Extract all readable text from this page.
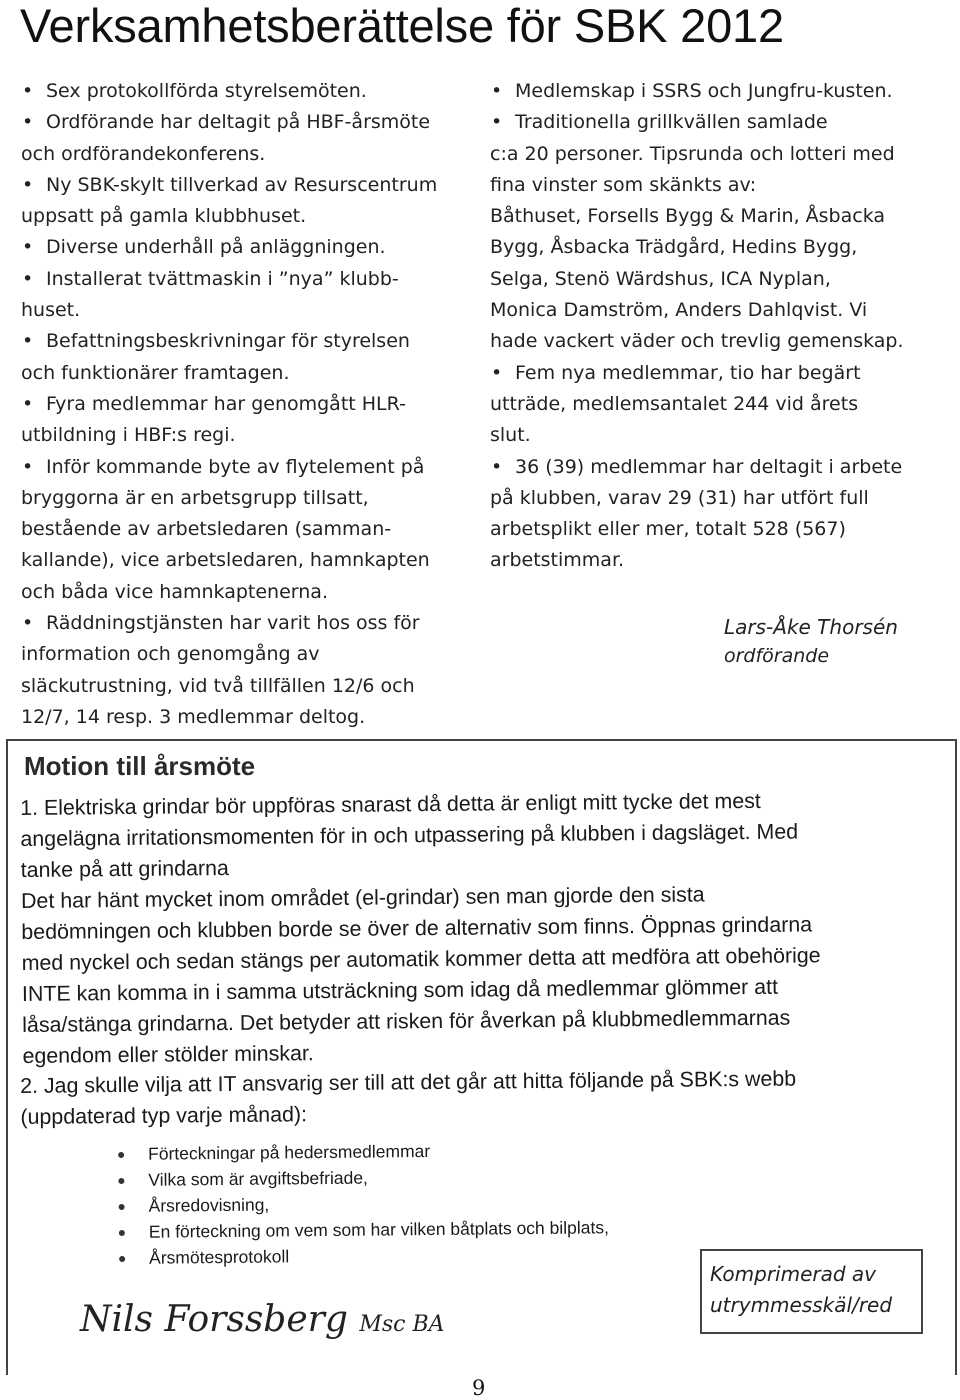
Verksamhetsberättelse för SBK 2012

• Sex protokollförda styrelsemöten.

• Ordförande har deltagit på HBF-årsmöte

och ordförandekonferens.

• Ny SBK-skylt tillverkad av Resurscentrum

uppsatt på gamla klubbhuset.

• Diverse underhåll på anläggningen.

• Installerat tvättmaskin i ”nya” klubb-

huset.

• Befattningsbeskrivningar för styrelsen

och funktionärer framtagen.

• Fyra medlemmar har genomgått HLR-

utbildning i HBF:s regi.

• Inför kommande byte av flytelement på

bryggorna är en arbetsgrupp tillsatt,

bestående av arbetsledaren (samman-

kallande), vice arbetsledaren, hamnkapten

och båda vice hamnkaptenerna.

• Räddningstjänsten har varit hos oss för

information och genomgång av

släckutrustning, vid två tillfällen 12/6 och

12/7, 14 resp. 3 medlemmar deltog.

• Medlemskap i SSRS och Jungfru-kusten.

• Traditionella grillkvällen samlade

c:a 20 personer. Tipsrunda och lotteri med

fina vinster som skänkts av:

Båthuset, Forsells Bygg & Marin, Åsbacka

Bygg, Åsbacka Trädgård, Hedins Bygg,

Selga, Stenö Wärdshus, ICA Nyplan,

Monica Damström, Anders Dahlqvist. Vi

hade vackert väder och trevlig gemenskap.

• Fem nya medlemmar, tio har begärt

utträde, medlemsantalet 244 vid årets

slut.

• 36 (39) medlemmar har deltagit i arbete

på klubben, varav 29 (31) har utfört full

arbetsplikt eller mer, totalt 528 (567)

arbetstimmar.

Lars-Åke Thorsén
ordförande
Motion till årsmöte

1. Elektriska grindar bör uppföras snarast då detta är enligt mitt tycke det mest

angelägna irritationsmomenten för in och utpassering på klubben i dagsläget. Med

tanke på att grindarna

Det har hänt mycket inom området (el-grindar) sen man gjorde den sista

bedömningen och klubben borde se över de alternativ som finns. Öppnas grindarna

med nyckel och sedan stängs per automatik kommer detta att medföra att obehörige

INTE kan komma in i samma utsträckning som idag då medlemmar glömmer att

låsa/stänga grindarna. Det betyder att risken för åverkan på klubbmedlemmarnas

egendom eller stölder minskar.

2. Jag skulle vilja att IT ansvarig ser till att det går att hitta följande på SBK:s webb

(uppdaterad typ varje månad):

Förteckningar på hedersmedlemmar
Vilka som är avgiftsbefriade,
Årsredovisning,
En förteckning om vem som har vilken båtplats och bilplats,
Årsmötesprotokoll
Nils Forssberg Msc BA
Komprimerad av
utrymmesskäl/red
9
